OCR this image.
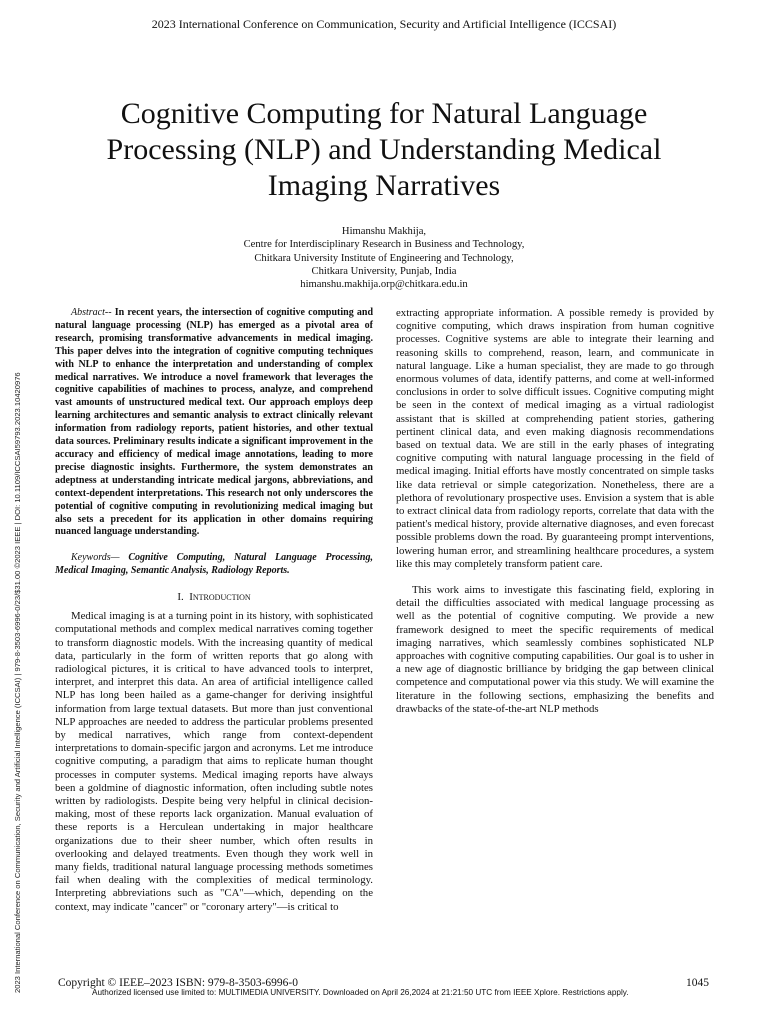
2023 International Conference on Communication, Security and Artificial Intelligence (ICCSAI)
2023 International Conference on Communication, Security and Artificial Intelligence (ICCSAI) | 979-8-3503-6996-0/23/$31.00 ©2023 IEEE | DOI: 10.1109/ICCSAI59793.2023.10420976
Cognitive Computing for Natural Language
Processing (NLP) and Understanding Medical
Imaging Narratives
Himanshu Makhija,
Centre for Interdisciplinary Research in Business and Technology,
Chitkara University Institute of Engineering and Technology,
Chitkara University, Punjab, India
himanshu.makhija.orp@chitkara.edu.in

Abstract-- In recent years, the intersection of cognitive computing and natural language processing (NLP) has emerged as a pivotal area of research, promising transformative advancements in medical imaging. This paper delves into the integration of cognitive computing techniques with NLP to enhance the interpretation and understanding of complex medical narratives. We introduce a novel framework that leverages the cognitive capabilities of machines to process, analyze, and comprehend vast amounts of unstructured medical text. Our approach employs deep learning architectures and semantic analysis to extract clinically relevant information from radiology reports, patient histories, and other textual data sources. Preliminary results indicate a significant improvement in the accuracy and efficiency of medical image annotations, leading to more precise diagnostic insights. Furthermore, the system demonstrates an adeptness at understanding intricate medical jargons, abbreviations, and context-dependent interpretations. This research not only underscores the potential of cognitive computing in revolutionizing medical imaging but also sets a precedent for its application in other domains requiring nuanced language understanding.

Keywords— Cognitive Computing, Natural Language Processing, Medical Imaging, Semantic Analysis, Radiology Reports.

I. Introduction

Medical imaging is at a turning point in its history, with sophisticated computational methods and complex medical narratives coming together to transform diagnostic models. With the increasing quantity of medical data, particularly in the form of written reports that go along with radiological pictures, it is critical to have advanced tools to interpret, interpret, and interpret this data. An area of artificial intelligence called NLP has long been hailed as a game-changer for deriving insightful information from large textual datasets. But more than just conventional NLP approaches are needed to address the particular problems presented by medical narratives, which range from context-dependent interpretations to domain-specific jargon and acronyms. Let me introduce cognitive computing, a paradigm that aims to replicate human thought processes in computer systems. Medical imaging reports have always been a goldmine of diagnostic information, often including subtle notes written by radiologists. Despite being very helpful in clinical decision-making, most of these reports lack organization. Manual evaluation of these reports is a Herculean undertaking in major healthcare organizations due to their sheer number, which often results in overlooking and delayed treatments. Even though they work well in many fields, traditional natural language processing methods sometimes fail when dealing with the complexities of medical terminology. Interpreting abbreviations such as "CA"—which, depending on the context, may indicate "cancer" or "coronary artery"—is critical to

extracting appropriate information. A possible remedy is provided by cognitive computing, which draws inspiration from human cognitive processes. Cognitive systems are able to integrate their learning and reasoning skills to comprehend, reason, learn, and communicate in natural language. Like a human specialist, they are made to go through enormous volumes of data, identify patterns, and come at well-informed conclusions in order to solve difficult issues. Cognitive computing might be seen in the context of medical imaging as a virtual radiologist assistant that is skilled at comprehending patient stories, gathering pertinent clinical data, and even making diagnosis recommendations based on textual data. We are still in the early phases of integrating cognitive computing with natural language processing in the field of medical imaging. Initial efforts have mostly concentrated on simple tasks like data retrieval or simple categorization. Nonetheless, there are a plethora of revolutionary prospective uses. Envision a system that is able to extract clinical data from radiology reports, correlate that data with the patient's medical history, provide alternative diagnoses, and even forecast possible problems down the road. By guaranteeing prompt interventions, lowering human error, and streamlining healthcare procedures, a system like this may completely transform patient care.

This work aims to investigate this fascinating field, exploring in detail the difficulties associated with medical language processing as well as the potential of cognitive computing. We provide a new framework designed to meet the specific requirements of medical imaging narratives, which seamlessly combines sophisticated NLP approaches with cognitive computing capabilities. Our goal is to usher in a new age of diagnostic brilliance by bridging the gap between clinical competence and computational power via this study. We will examine the literature in the following sections, emphasizing the benefits and drawbacks of the state-of-the-art NLP methods

Copyright © IEEE–2023 ISBN: 979-8-3503-6996-0	1045
Authorized licensed use limited to: MULTIMEDIA UNIVERSITY. Downloaded on April 26,2024 at 21:21:50 UTC from IEEE Xplore. Restrictions apply.
